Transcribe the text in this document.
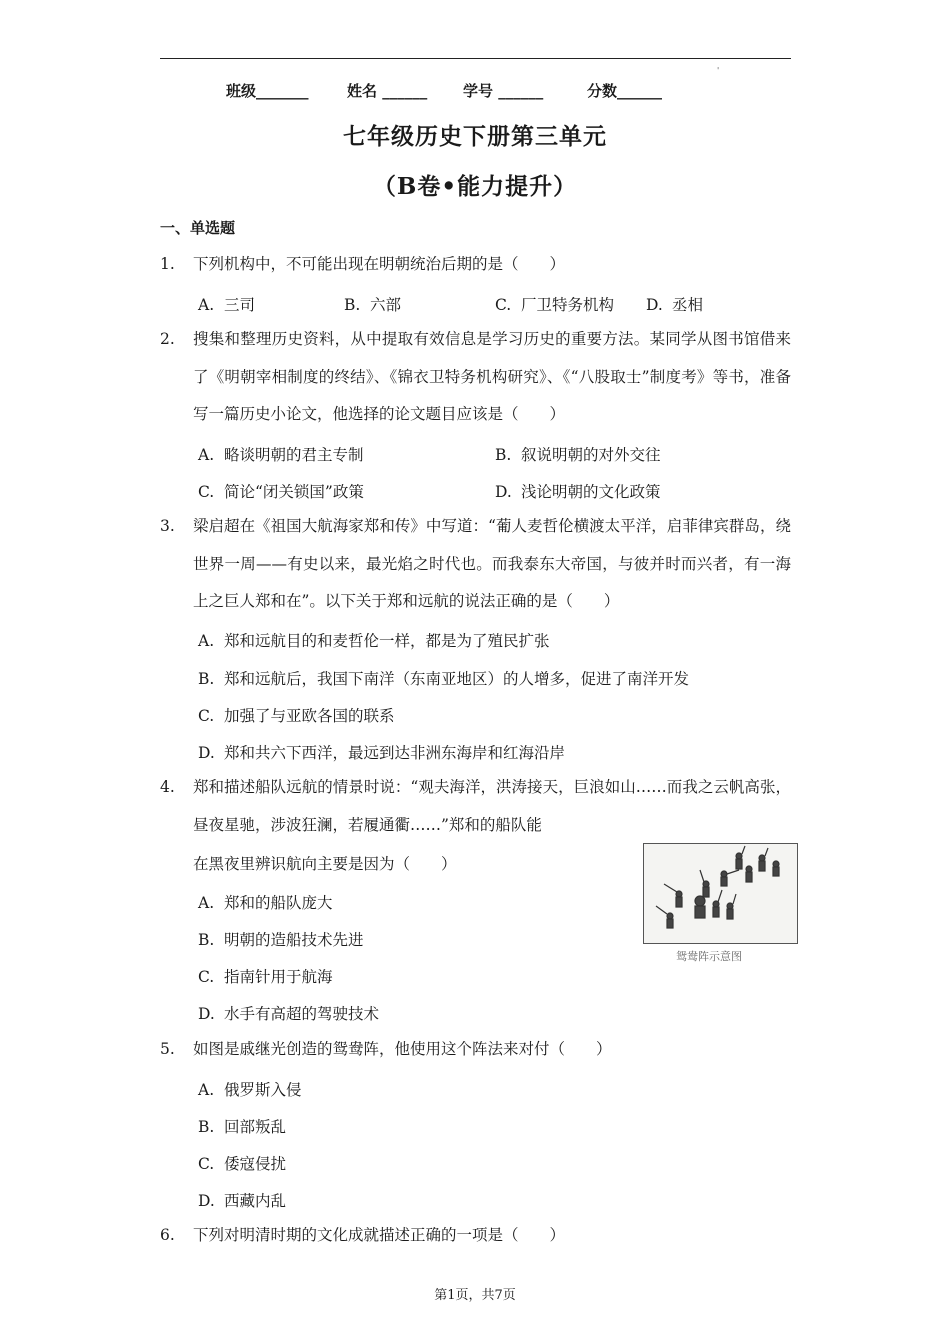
'
班级_______	姓名 ______ 学号 ______	分数______
七年级历史下册第三单元
（B卷•能力提升）
一、单选题
1. 下列机构中，不可能出现在明朝统治后期的是（　　）
A. 三司	B. 六部	C. 厂卫特务机构 D. 丞相
2. 搜集和整理历史资料，从中提取有效信息是学习历史的重要方法。某同学从图书馆借来了《明朝宰相制度的终结》、《锦衣卫特务机构研究》、《“八股取士”制度考》等书，准备写一篇历史小论文，他选择的论文题目应该是（　　）
A. 略谈明朝的君主专制	B. 叙说明朝的对外交往
C. 简论“闭关锁国”政策	D. 浅论明朝的文化政策
3. 梁启超在《祖国大航海家郑和传》中写道：“葡人麦哲伦横渡太平洋，启菲律宾群岛，绕世界一周——有史以来，最光焰之时代也。而我泰东大帝国，与彼并时而兴者，有一海上之巨人郑和在”。以下关于郑和远航的说法正确的是（　　）
A. 郑和远航目的和麦哲伦一样，都是为了殖民扩张
B. 郑和远航后，我国下南洋（东南亚地区）的人增多，促进了南洋开发
C. 加强了与亚欧各国的联系
D. 郑和共六下西洋，最远到达非洲东海岸和红海沿岸
4. 郑和描述船队远航的情景时说：“观夫海洋，洪涛接天，巨浪如山……而我之云帆高张，昼夜星驰，涉波狂澜，若履通衢……”郑和的船队能
在黑夜里辨识航向主要是因为（　　）
A. 郑和的船队庞大
B. 明朝的造船技术先进
C. 指南针用于航海
D. 水手有高超的驾驶技术
鸳鸯阵示意图
5. 如图是戚继光创造的鸳鸯阵，他使用这个阵法来对付（　　）
A. 俄罗斯入侵
B. 回部叛乱
C. 倭寇侵扰
D. 西藏内乱
6. 下列对明清时期的文化成就描述正确的一项是（　　）
第1页，共7页
